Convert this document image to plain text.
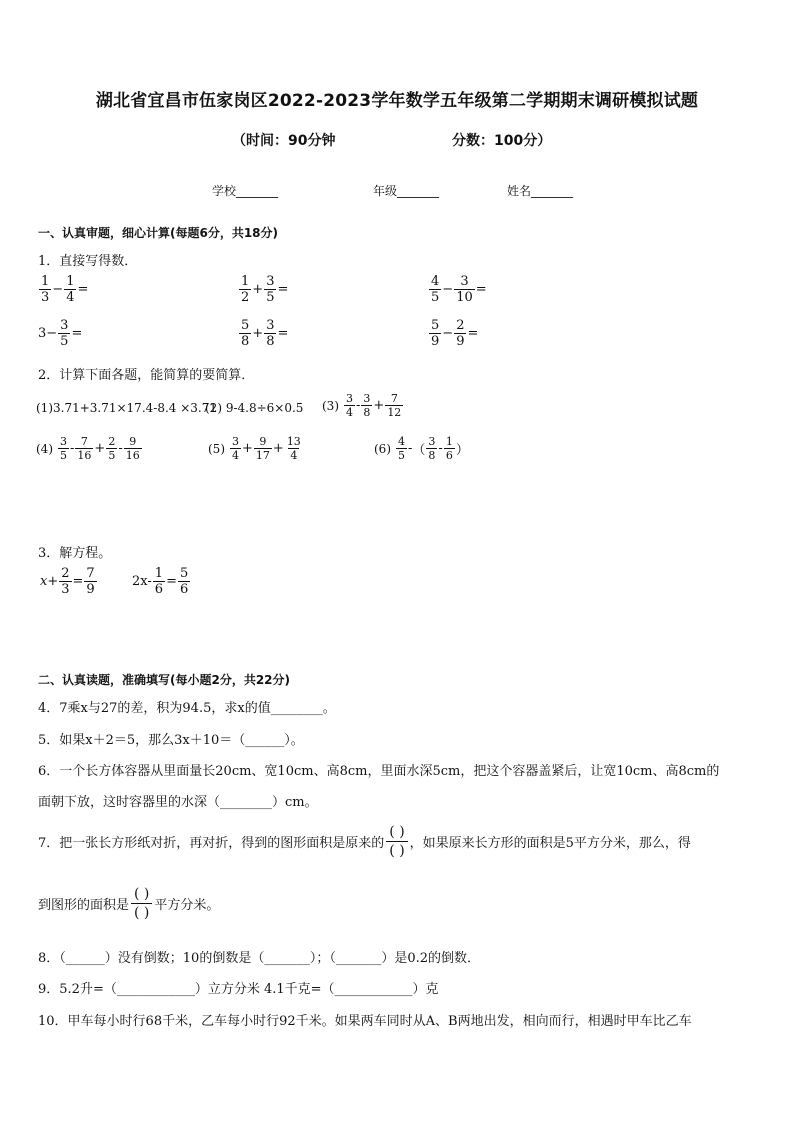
湖北省宜昌市伍家岗区2022-2023学年数学五年级第二学期期末调研模拟试题
（时间：90分钟	分数：100分）
学校_______	年级_______	姓名_______
一、认真审题，细心计算(每题6分，共18分)
1．直接写得数．
$\frac{1}{3} - \frac{1}{4}$ =	$\frac{1}{2} + \frac{3}{5}$ =	$\frac{4}{5} - \frac{3}{10}$ =
$3- \frac{3}{5}$ =	$\frac{5}{8} + \frac{3}{8}$ =	$\frac{5}{9} - \frac{2}{9}$ =
2．计算下面各题，能简算的要简算．
(1)3.71+3.71×17.4-8.4 ×3.71
(2) 9-4.8÷6×0.5 $(3) \frac{3}{4} - \frac{3}{8} + \frac{7}{12}$
$(4) \frac{3}{5} - \frac{7}{16} + \frac{2}{5} - \frac{9}{16}$	$(5) \frac{3}{4} + \frac{9}{17} + \frac{13}{4}$	$(6) \frac{4}{5}$ - （ $\frac{3}{8} - \frac{1}{6}$ ）
3．解方程。
$x+ \frac{2}{3} = \frac{7}{9}$	$2x- \frac{1}{6} = \frac{5}{6}$
二、认真读题，准确填写(每小题2分，共22分)
4．7乘x与27的差，积为94.5，求x的值________。
5．如果x＋2＝5，那么3x＋10＝（______）。
6．一个长方体容器从里面量长20cm、宽10cm、高8cm，里面水深5cm，把这个容器盖紧后，让宽10cm、高8cm的
面朝下放，这时容器里的水深（________）cm。
7．把一张长方形纸对折，再对折，得到的图形面积是原来的
( )
( ) ，如果原来长方形的面积是5平方分米，那么，得
到图形的面积是
( )
( ) 平方分米。
8．（______）没有倒数；10的倒数是（_______）；（_______）是0.2的倒数．
9．5.2升=（____________）立方分米 4.1千克=（____________）克
10．甲车每小时行68千米，乙车每小时行92千米。如果两车同时从A、B两地出发，相向而行，相遇时甲车比乙车
